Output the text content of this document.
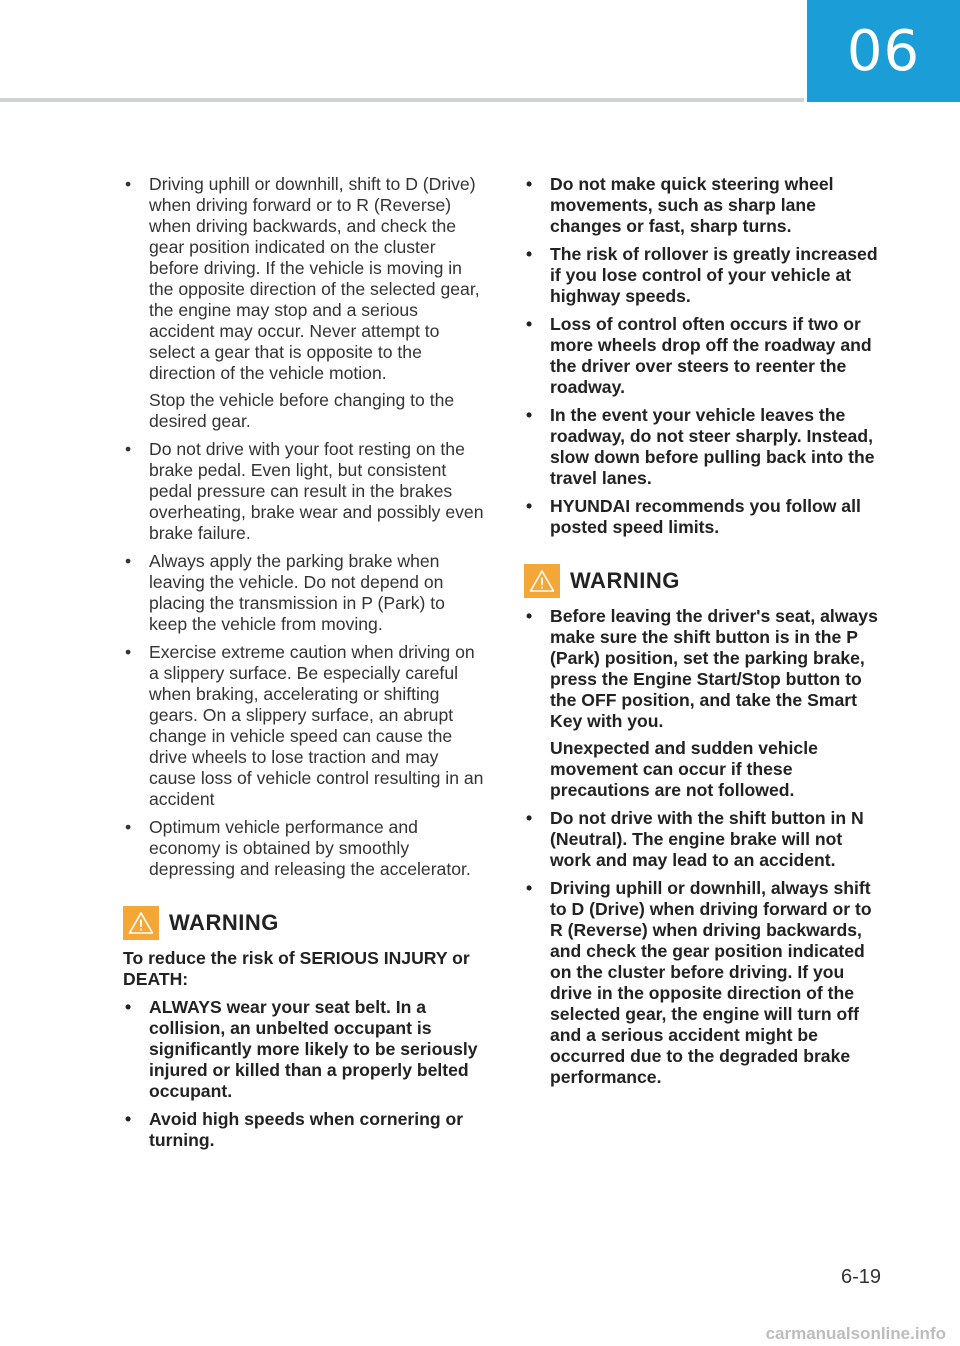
06
• Driving uphill or downhill, shift to D (Drive) when driving forward or to R (Reverse) when driving backwards, and check the gear position indicated on the cluster before driving. If the vehicle is moving in the opposite direction of the selected gear, the engine may stop and a serious accident may occur. Never attempt to select a gear that is opposite to the direction of the vehicle motion.
Stop the vehicle before changing to the desired gear.
• Do not drive with your foot resting on the brake pedal. Even light, but consistent pedal pressure can result in the brakes overheating, brake wear and possibly even brake failure.
• Always apply the parking brake when leaving the vehicle. Do not depend on placing the transmission in P (Park) to keep the vehicle from moving.
• Exercise extreme caution when driving on a slippery surface. Be especially careful when braking, accelerating or shifting gears. On a slippery surface, an abrupt change in vehicle speed can cause the drive wheels to lose traction and may cause loss of vehicle control resulting in an accident
• Optimum vehicle performance and economy is obtained by smoothly depressing and releasing the accelerator.
WARNING
To reduce the risk of SERIOUS INJURY or DEATH:
• ALWAYS wear your seat belt. In a collision, an unbelted occupant is significantly more likely to be seriously injured or killed than a properly belted occupant.
• Avoid high speeds when cornering or turning.
• Do not make quick steering wheel movements, such as sharp lane changes or fast, sharp turns.
• The risk of rollover is greatly increased if you lose control of your vehicle at highway speeds.
• Loss of control often occurs if two or more wheels drop off the roadway and the driver over steers to reenter the roadway.
• In the event your vehicle leaves the roadway, do not steer sharply. Instead, slow down before pulling back into the travel lanes.
• HYUNDAI recommends you follow all posted speed limits.
WARNING
• Before leaving the driver's seat, always make sure the shift button is in the P (Park) position, set the parking brake, press the Engine Start/Stop button to the OFF position, and take the Smart Key with you.
Unexpected and sudden vehicle movement can occur if these precautions are not followed.
• Do not drive with the shift button in N (Neutral). The engine brake will not work and may lead to an accident.
• Driving uphill or downhill, always shift to D (Drive) when driving forward or to R (Reverse) when driving backwards, and check the gear position indicated on the cluster before driving. If you drive in the opposite direction of the selected gear, the engine will turn off and a serious accident might be occurred due to the degraded brake performance.
6-19
carmanualsonline.info
